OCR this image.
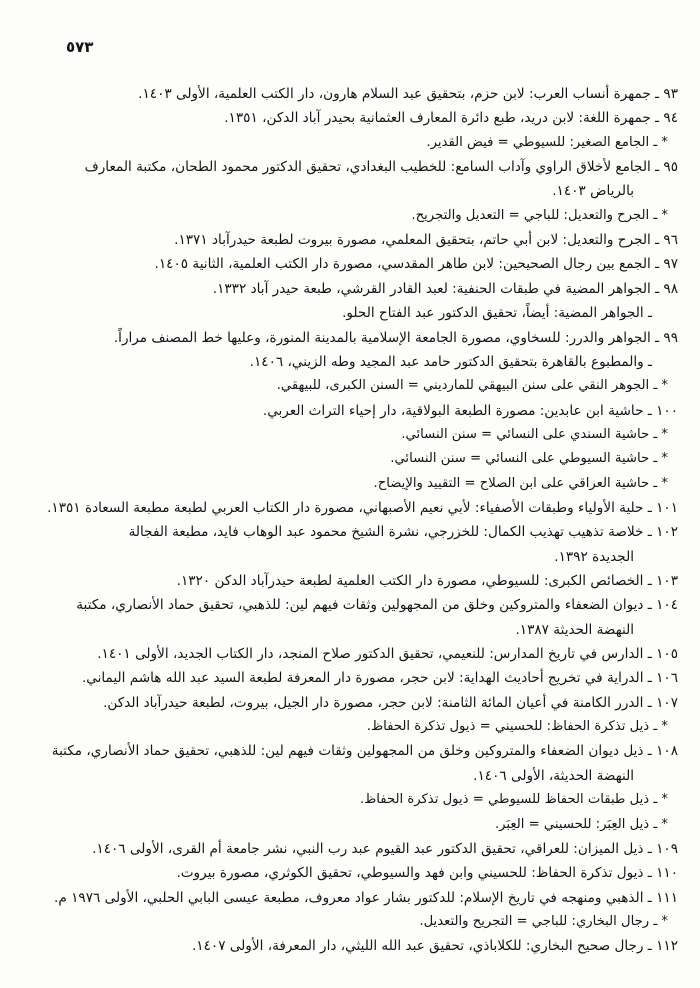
٥٧٣
٩٣ ـ جمهرة أنساب العرب: لابن حزم، بتحقيق عبد السلام هارون، دار الكتب العلمية، الأولى ١٤٠٣.
٩٤ ـ جمهرة اللغة: لابن دريد، طبع دائرة المعارف العثمانية بحيدر آباد الدكن، ١٣٥١.
* ـ الجامع الصغير: للسيوطي = فيض القدير.
٩٥ ـ الجامع لأخلاق الراوي وآداب السامع: للخطيب البغدادي، تحقيق الدكتور محمود الطحان، مكتبة المعارف
بالرياض ١٤٠٣.
* ـ الجرح والتعديل: للباجي = التعديل والتجريح.
٩٦ ـ الجرح والتعديل: لابن أبي حاتم، بتحقيق المعلمي، مصورة بيروت لطبعة حيدرآباد ١٣٧١.
٩٧ ـ الجمع بين رجال الصحيحين: لابن طاهر المقدسي، مصورة دار الكتب العلمية، الثانية ١٤٠٥.
٩٨ ـ الجواهر المضية في طبقات الحنفية: لعبد القادر القرشي، طبعة حيدر آباد ١٣٣٢.
ـ الجواهر المضية: أيضاً، تحقيق الدكتور عبد الفتاح الحلو.
٩٩ ـ الجواهر والدرر: للسخاوي، مصورة الجامعة الإسلامية بالمدينة المنورة، وعليها خط المصنف مراراً.
ـ والمطبوع بالقاهرة بتحقيق الدكتور حامد عبد المجيد وطه الزيني، ١٤٠٦.
* ـ الجوهر النقي على سنن البيهقي للمارديني = السنن الكبرى، للبيهقي.
١٠٠ ـ حاشية ابن عابدين: مصورة الطبعة البولاقية، دار إحياء التراث العربي.
* ـ حاشية السندي على النسائي = سنن النسائي.
* ـ حاشية السيوطي على النسائي = سنن النسائي.
* ـ حاشية العراقي على ابن الصلاح = التقييد والإيضاح.
١٠١ ـ حلية الأولياء وطبقات الأصفياء: لأبي نعيم الأصبهاني، مصورة دار الكتاب العربي لطبعة مطبعة السعادة ١٣٥١.
١٠٢ ـ خلاصة تذهيب تهذيب الكمال: للخزرجي، نشرة الشيخ محمود عبد الوهاب فايد، مطبعة الفجالة
الجديدة ١٣٩٢.
١٠٣ ـ الخصائص الكبرى: للسيوطي، مصورة دار الكتب العلمية لطبعة حيدرآباد الدكن ١٣٢٠.
١٠٤ ـ ديوان الضعفاء والمتروكين وخلق من المجهولين وثقات فيهم لين: للذهبي، تحقيق حماد الأنصاري، مكتبة
النهضة الحديثة ١٣٨٧.
١٠٥ ـ الدارس في تاريخ المدارس: للنعيمي، تحقيق الدكتور صلاح المنجد، دار الكتاب الجديد، الأولى ١٤٠١.
١٠٦ ـ الدراية في تخريج أحاديث الهداية: لابن حجر، مصورة دار المعرفة لطبعة السيد عبد الله هاشم اليماني.
١٠٧ ـ الدرر الكامنة في أعيان المائة الثامنة: لابن حجر، مصورة دار الجيل، بيروت، لطبعة حيدرآباد الدكن.
* ـ ذيل تذكرة الحفاظ: للحسيني = ذيول تذكرة الحفاظ.
١٠٨ ـ ذيل ديوان الضعفاء والمتروكين وخلق من المجهولين وثقات فيهم لين: للذهبي، تحقيق حماد الأنصاري، مكتبة
النهضة الحديثة، الأولى ١٤٠٦.
* ـ ذيل طبقات الحفاظ للسيوطي = ذيول تذكرة الحفاظ.
* ـ ذيل العِبَر: للحسيني = العِبَر.
١٠٩ ـ ذيل الميزان: للعراقي، تحقيق الدكتور عبد القيوم عبد رب النبي، نشر جامعة أم القرى، الأولى ١٤٠٦.
١١٠ ـ ذيول تذكرة الحفاظ: للحسيني وابن فهد والسيوطي، تحقيق الكوثري، مصورة بيروت.
١١١ ـ الذهبي ومنهجه في تاريخ الإسلام: للدكتور بشار عواد معروف، مطبعة عيسى البابي الحلبي، الأولى ١٩٧٦ م.
* ـ رجال البخاري: للباجي = التجريح والتعديل.
١١٢ ـ رجال صحيح البخاري: للكلاباذي، تحقيق عبد الله الليثي، دار المعرفة، الأولى ١٤٠٧.
